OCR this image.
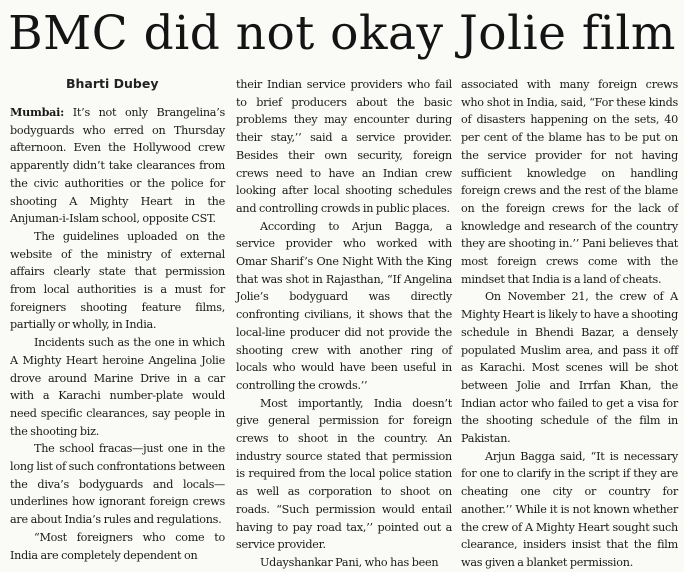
BMC did not okay Jolie film
Bharti Dubey

Mumbai: It’s not only Brangelina’s bodyguards who erred on Thursday afternoon. Even the Hollywood crew apparently didn’t take clearances from the civic authorities or the police for shooting A Mighty Heart in the Anjuman-i-Islam school, opposite CST.

The guidelines uploaded on the website of the ministry of external affairs clearly state that permission from local authorities is a must for foreigners shooting feature films, partially or wholly, in India.

Incidents such as the one in which A Mighty Heart heroine Angelina Jolie drove around Marine Drive in a car with a Karachi number-plate would need specific clearances, say people in the shooting biz.

The school fracas—just one in the long list of such confrontations between the diva’s bodyguards and locals—underlines how ignorant foreign crews are about India’s rules and regulations.

“Most foreigners who come to India are completely dependent on

their Indian service providers who fail to brief producers about the basic problems they may encounter during their stay,’’ said a service provider. Besides their own security, foreign crews need to have an Indian crew looking after local shooting schedules and controlling crowds in public places.

According to Arjun Bagga, a service provider who worked with Omar Sharif’s One Night With the King that was shot in Rajasthan, “If Angelina Jolie’s bodyguard was directly confronting civilians, it shows that the local-line producer did not provide the shooting crew with another ring of locals who would have been useful in controlling the crowds.’’

Most importantly, India doesn’t give general permission for foreign crews to shoot in the country. An industry source stated that permission is required from the local police station as well as corporation to shoot on roads. “Such permission would entail having to pay road tax,’’ pointed out a service provider.

Udayshankar Pani, who has been

associated with many foreign crews who shot in India, said, “For these kinds of disasters happening on the sets, 40 per cent of the blame has to be put on the service provider for not having sufficient knowledge on handling foreign crews and the rest of the blame on the foreign crews for the lack of knowledge and research of the country they are shooting in.’’ Pani believes that most foreign crews come with the mindset that India is a land of cheats.

On November 21, the crew of A Mighty Heart is likely to have a shooting schedule in Bhendi Bazar, a densely populated Muslim area, and pass it off as Karachi. Most scenes will be shot between Jolie and Irrfan Khan, the Indian actor who failed to get a visa for the shooting schedule of the film in Pakistan.

Arjun Bagga said, “It is necessary for one to clarify in the script if they are cheating one city or country for another.’’ While it is not known whether the crew of A Mighty Heart sought such clearance, insiders insist that the film was given a blanket permission.
